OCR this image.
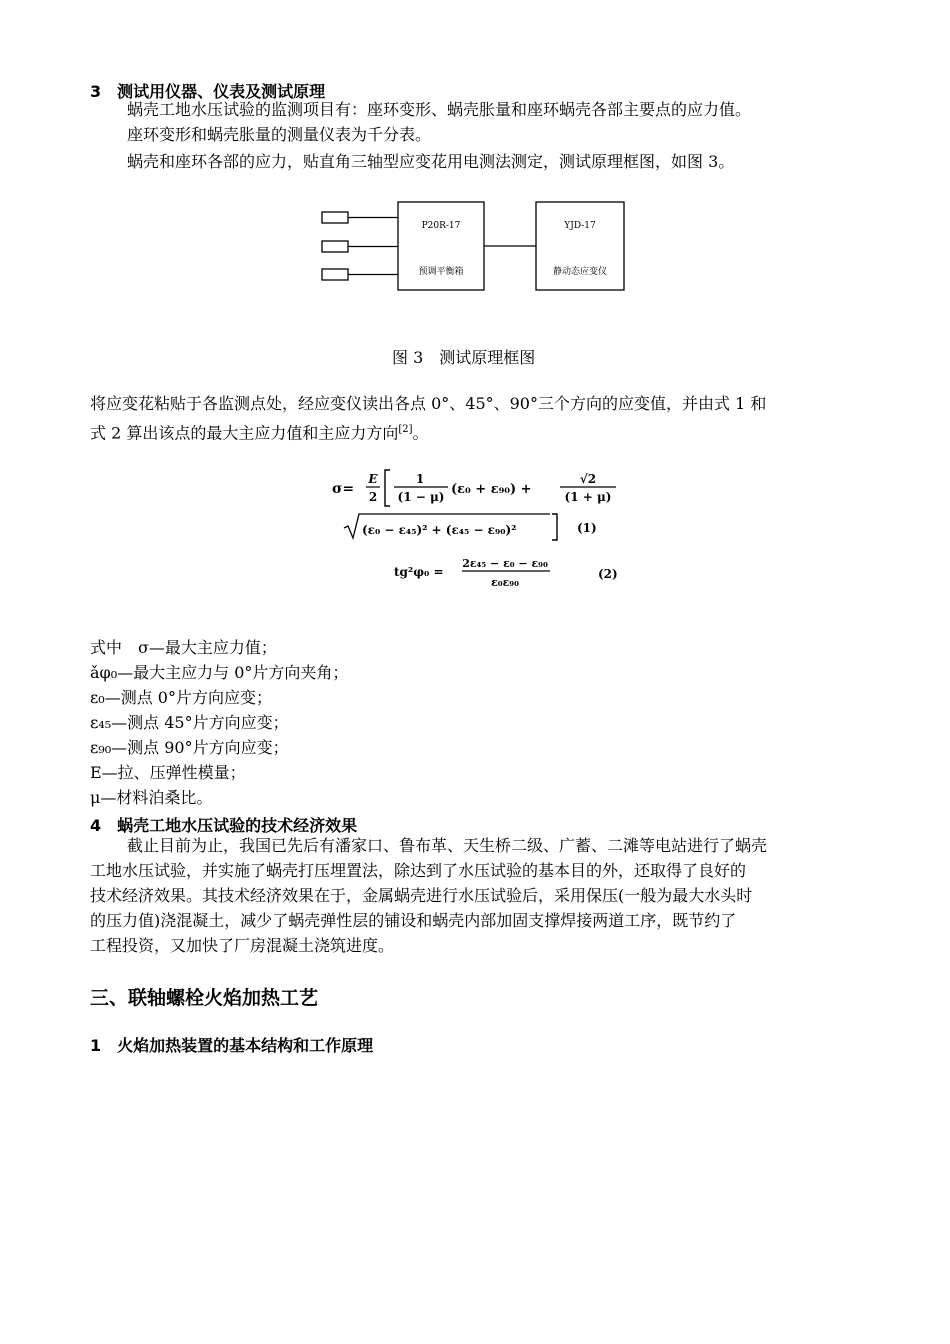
3　测试用仪器、仪表及测试原理
蜗壳工地水压试验的监测项目有：座环变形、蜗壳胀量和座环蜗壳各部主要点的应力值。
座环变形和蜗壳胀量的测量仪表为千分表。
蜗壳和座环各部的应力，贴直角三轴型应变花用电测法测定，测试原理框图，如图 3。
P20R-17
预调平衡箱
YJD-17
静动态应变仪
图 3　测试原理框图
将应变花粘贴于各监测点处，经应变仪读出各点 0°、45°、90°三个方向的应变值，并由式 1 和
式 2 算出该点的最大主应力值和主应力方向[2]。
σ=
E
2
1
(1 − μ) (ε₀ + ε₉₀) +
√2
(1 + μ)
(ε₀ − ε₄₅)² + (ε₄₅ − ε₉₀)²	(1)
tg²φ₀ =
2ε₄₅ − ε₀ − ε₉₀
ε₀ε₉₀
(2)
式中　σ—最大主应力值；
ǎφ₀—最大主应力与 0°片方向夹角；
ε₀—测点 0°片方向应变；
ε₄₅—测点 45°片方向应变；
ε₉₀—测点 90°片方向应变；
E—拉、压弹性模量；
μ—材料泊桑比。
4　蜗壳工地水压试验的技术经济效果
截止目前为止，我国已先后有潘家口、鲁布革、天生桥二级、广蓄、二滩等电站进行了蜗壳
工地水压试验，并实施了蜗壳打压埋置法，除达到了水压试验的基本目的外，还取得了良好的
技术经济效果。其技术经济效果在于，金属蜗壳进行水压试验后，采用保压(一般为最大水头时
的压力值)浇混凝土，减少了蜗壳弹性层的铺设和蜗壳内部加固支撑焊接两道工序，既节约了
工程投资，又加快了厂房混凝土浇筑进度。
三、联轴螺栓火焰加热工艺
1　火焰加热装置的基本结构和工作原理
